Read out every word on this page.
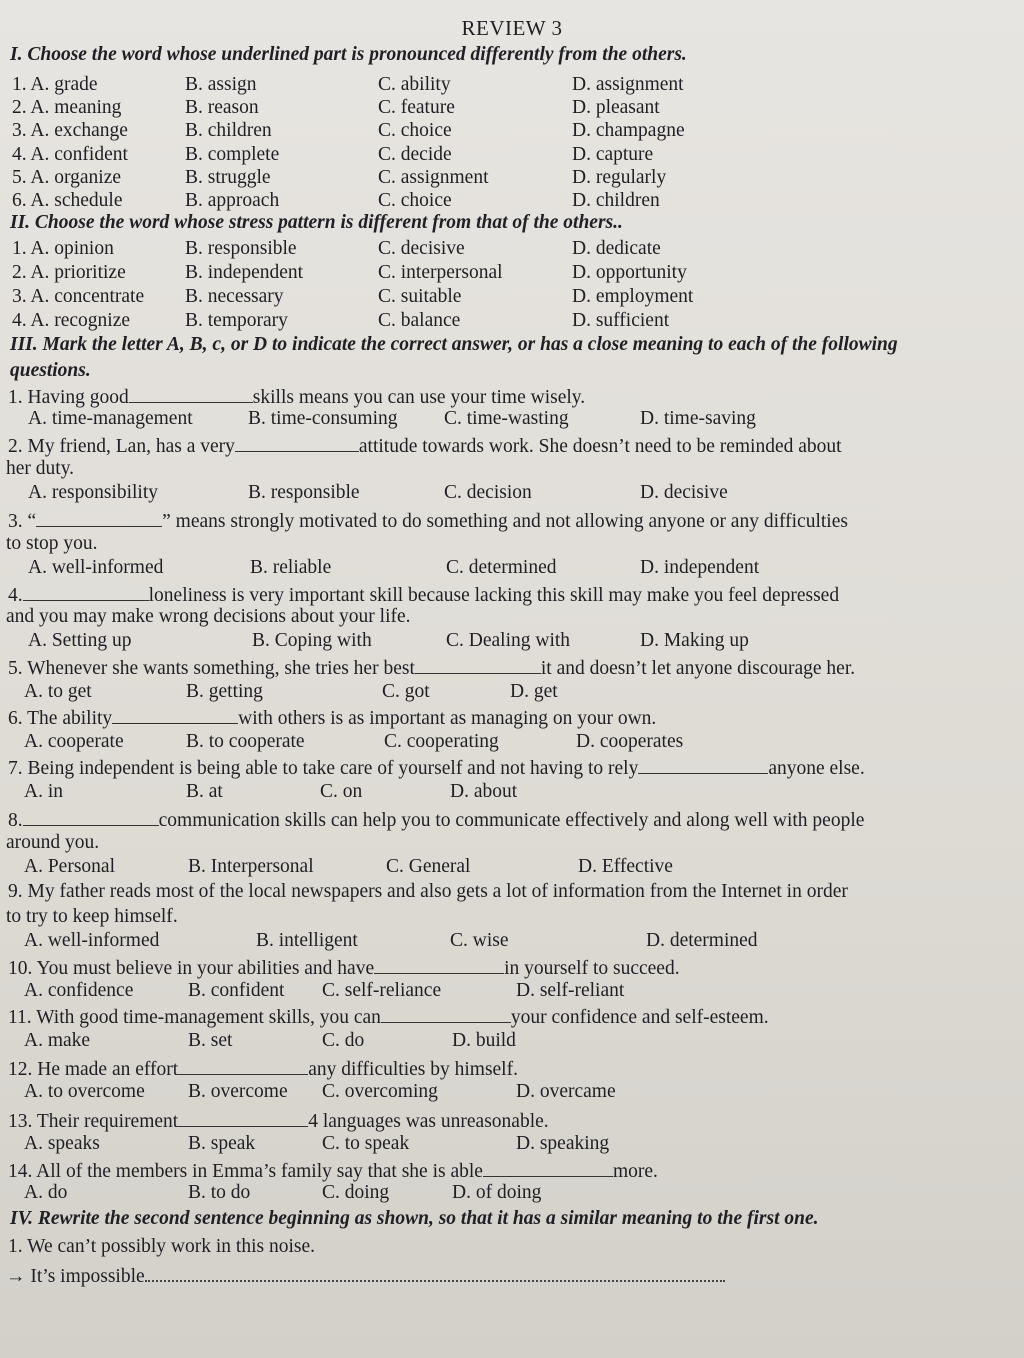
REVIEW 3
I. Choose the word whose underlined part is pronounced differently from the others.
1. A. grade	B. assign	C. ability	D. assignment
2. A. meaning	B. reason	C. feature	D. pleasant
3. A. exchange	B. children	C. choice	D. champagne
4. A. confident	B. complete	C. decide	D. capture
5. A. organize	B. struggle	C. assignment	D. regularly
6. A. schedule	B. approach	C. choice	D. children
II. Choose the word whose stress pattern is different from that of the others..
1. A. opinion	B. responsible	C. decisive	D. dedicate
2. A. prioritize	B. independent	C. interpersonal	D. opportunity
3. A. concentrate B. necessary	C. suitable	D. employment
4. A. recognize	B. temporary	C. balance	D. sufficient
III. Mark the letter A, B, c, or D to indicate the correct answer, or has a close meaning to each of the following
questions.
1. Having good	skills means you can use your time wisely.
A. time-management	B. time-consuming C. time-wasting	D. time-saving
2. My friend, Lan, has a very	attitude towards work. She doesn’t need to be reminded about
her duty.
A. responsibility	B. responsible	C. decision	D. decisive
3. “	” means strongly motivated to do something and not allowing anyone or any difficulties
to stop you.
A. well-informed	B. reliable	C. determined	D. independent
4.	loneliness is very important skill because lacking this skill may make you feel depressed
and you may make wrong decisions about your life.
A. Setting up	B. Coping with	C. Dealing with	D. Making up
5. Whenever she wants something, she tries her best	it and doesn’t let anyone discourage her.
A. to get	B. getting	C. got	D. get
6. The ability	with others is as important as managing on your own.
A. cooperate	B. to cooperate	C. cooperating	D. cooperates
7. Being independent is being able to take care of yourself and not having to rely	anyone else.
A. in	B. at	C. on	D. about
8.	communication skills can help you to communicate effectively and along well with people
around you.
A. Personal	B. Interpersonal	C. General	D. Effective
9. My father reads most of the local newspapers and also gets a lot of information from the Internet in order
to try to keep himself.
A. well-informed	B. intelligent	C. wise	D. determined
10. You must believe in your abilities and have	in yourself to succeed.
A. confidence	B. confident C. self-reliance	D. self-reliant
11. With good time-management skills, you can	your confidence and self-esteem.
A. make	B. set	C. do	D. build
12. He made an effort	any difficulties by himself.
A. to overcome B. overcome C. overcoming	D. overcame
13. Their requirement	4 languages was unreasonable.
A. speaks	B. speak	C. to speak	D. speaking
14. All of the members in Emma’s family say that she is able	more.
A. do	B. to do	C. doing	D. of doing
IV. Rewrite the second sentence beginning as shown, so that it has a similar meaning to the first one.
1. We can’t possibly work in this noise.
→ It’s impossible
